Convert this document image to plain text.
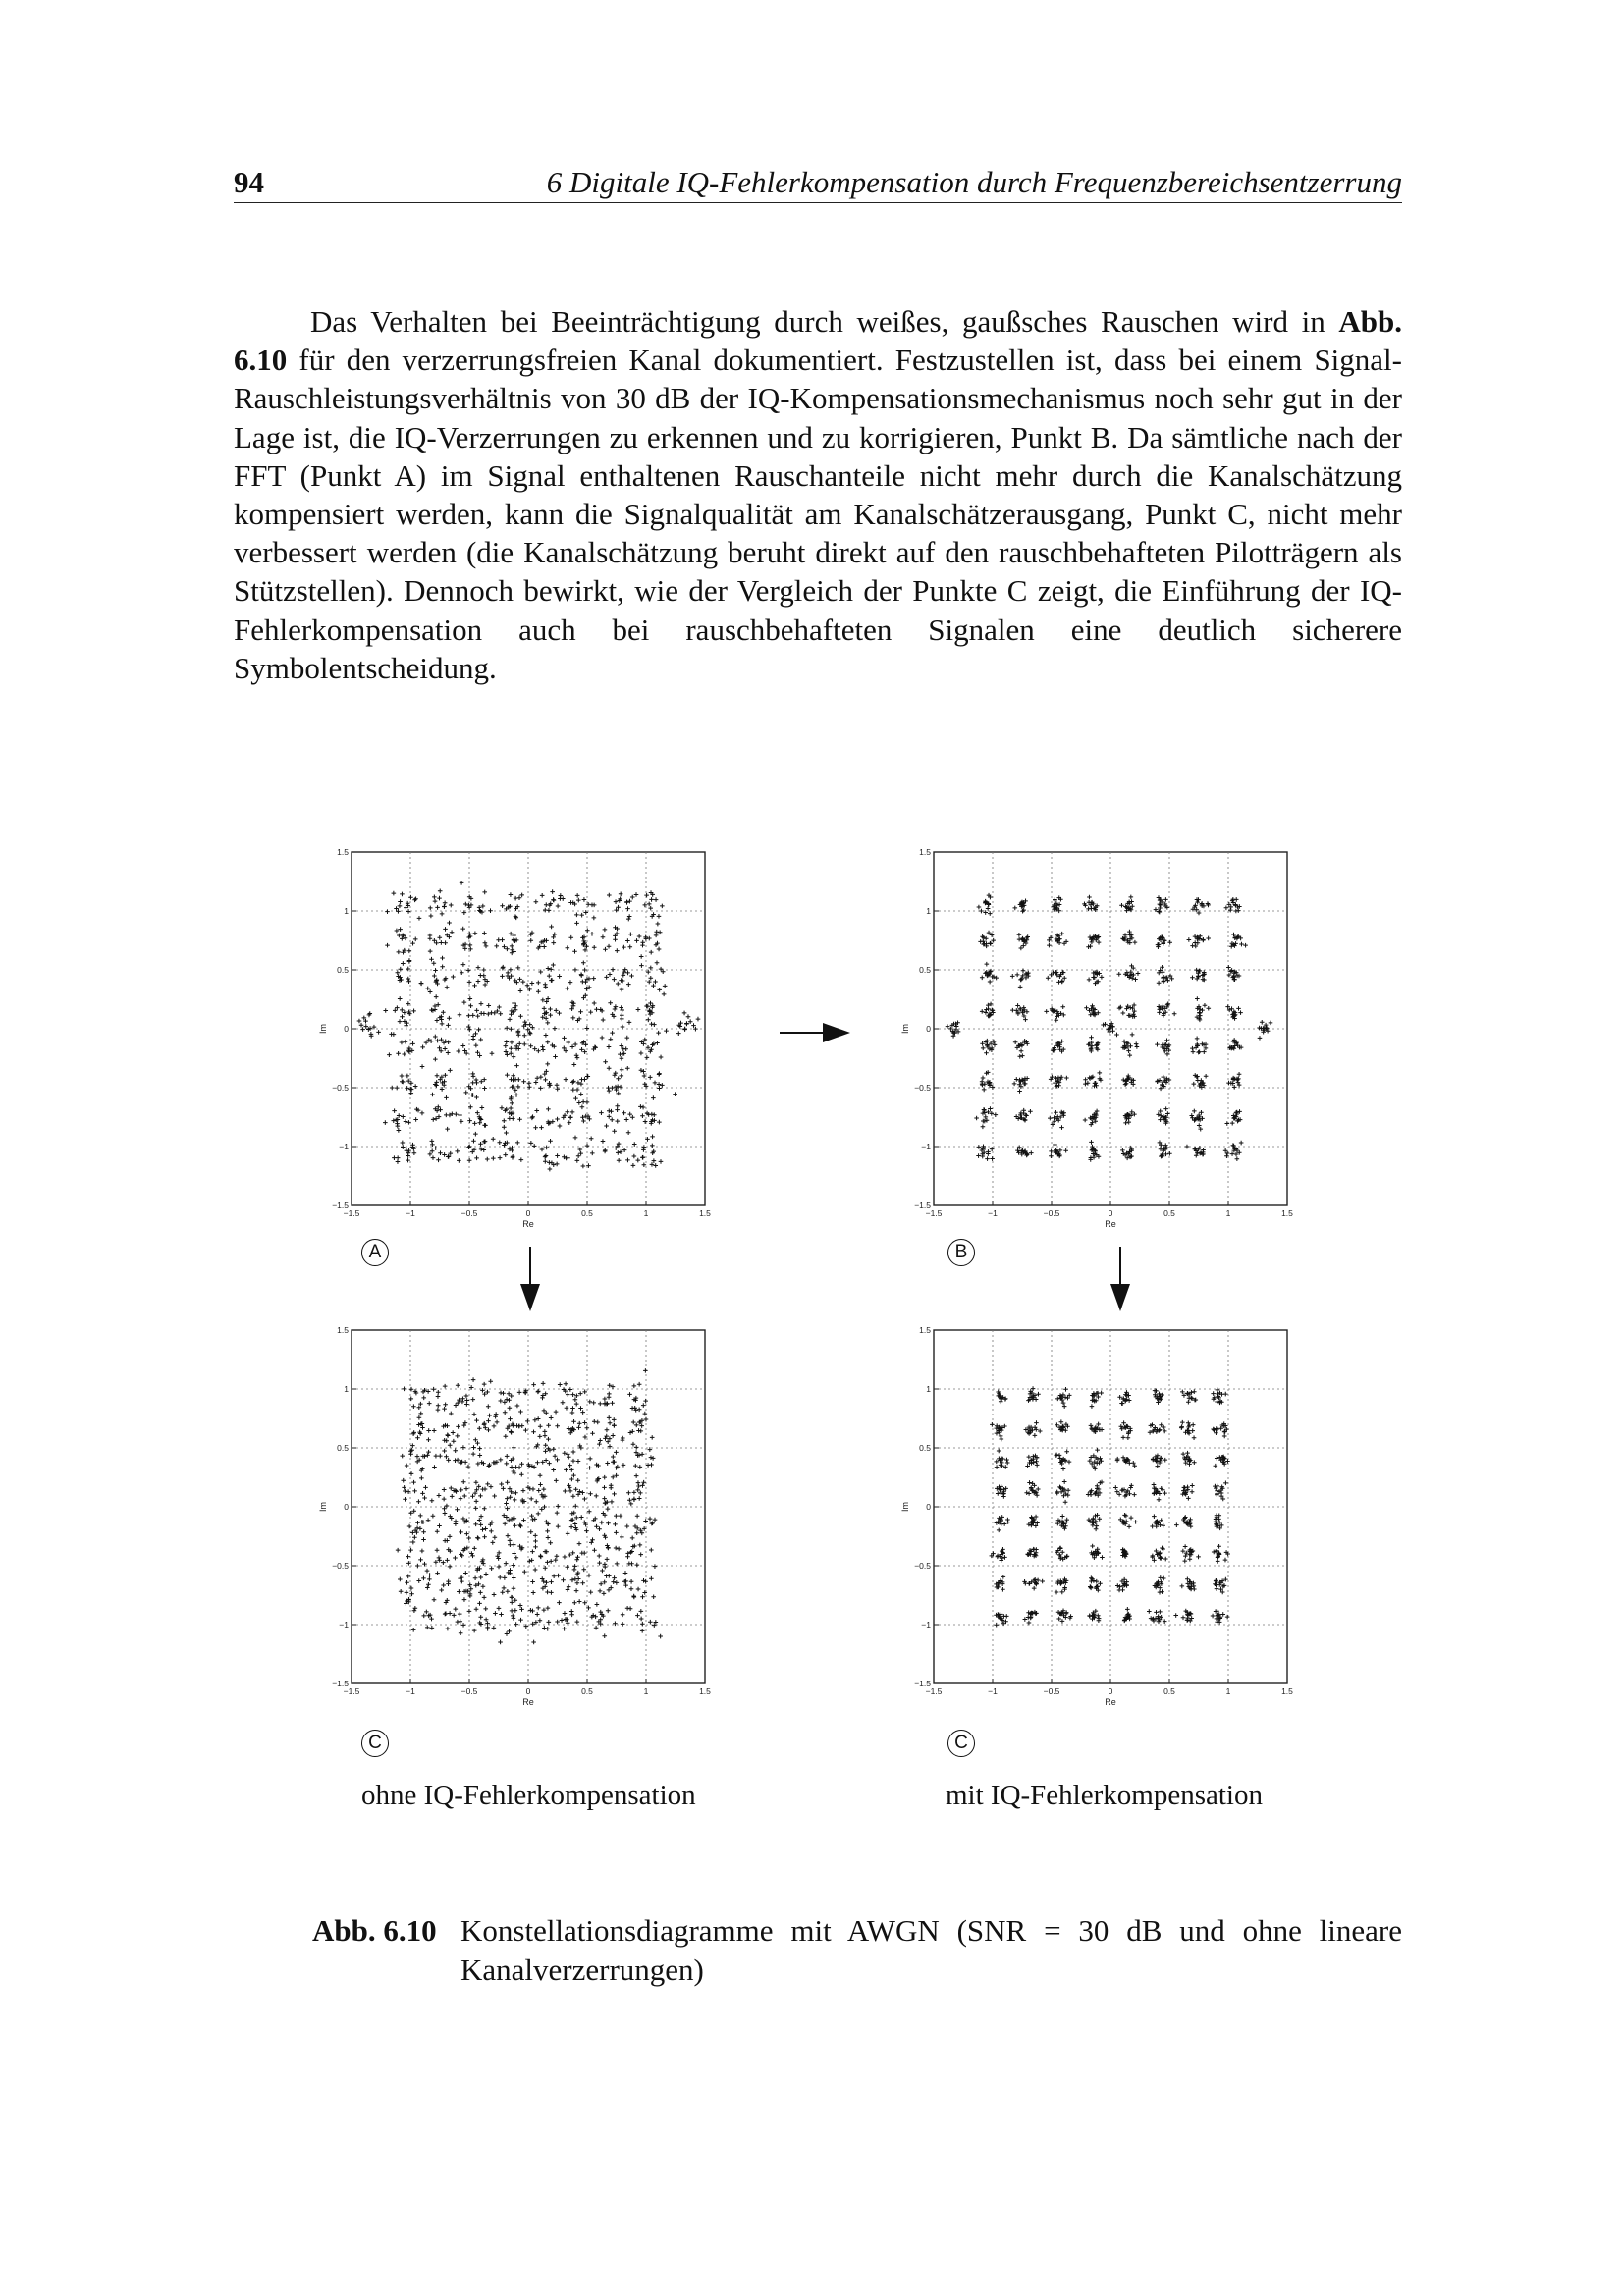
94	6 Digitale IQ-Fehlerkompensation durch Frequenzbereichsentzerrung
Das Verhalten bei Beeinträchtigung durch weißes, gaußsches Rauschen wird in Abb. 6.10 für den verzerrungsfreien Kanal dokumentiert. Festzustellen ist, dass bei einem Signal-Rauschleistungsverhältnis von 30 dB der IQ-Kompensationsmechanismus noch sehr gut in der Lage ist, die IQ-Verzerrungen zu erkennen und zu korrigieren, Punkt B. Da sämtliche nach der FFT (Punkt A) im Signal enthaltenen Rauschanteile nicht mehr durch die Kanalschätzung kompensiert werden, kann die Signalqualität am Kanalschätzerausgang, Punkt C, nicht mehr verbessert werden (die Kanalschätzung beruht direkt auf den rauschbehafteten Pilotträgern als Stützstellen). Dennoch bewirkt, wie der Vergleich der Punkte C zeigt, die Einführung der IQ-Fehlerkompensation auch bei rauschbehafteten Signalen eine deutlich sicherere Symbolentscheidung.
−1.5	−1	−0.5	0	0.5	1	1.5
−1.5
−1
−0.5
0
0.5
1
1.5
Re
Im
−1.5	−1	−0.5	0	0.5	1	1.5
−1.5
−1
−0.5
0
0.5
1
1.5
Re
Im
−1.5	−1	−0.5	0	0.5	1	1.5
−1.5
−1
−0.5
0
0.5
1
1.5
Re
Im
−1.5	−1	−0.5	0	0.5	1	1.5
−1.5
−1
−0.5
0
0.5
1
1.5
Re
Im
A	B
C	C
ohne IQ-Fehlerkompensation	mit IQ-Fehlerkompensation
Abb. 6.10 Konstellationsdiagramme mit AWGN (SNR = 30 dB und ohne lineare Kanalverzerrungen)
